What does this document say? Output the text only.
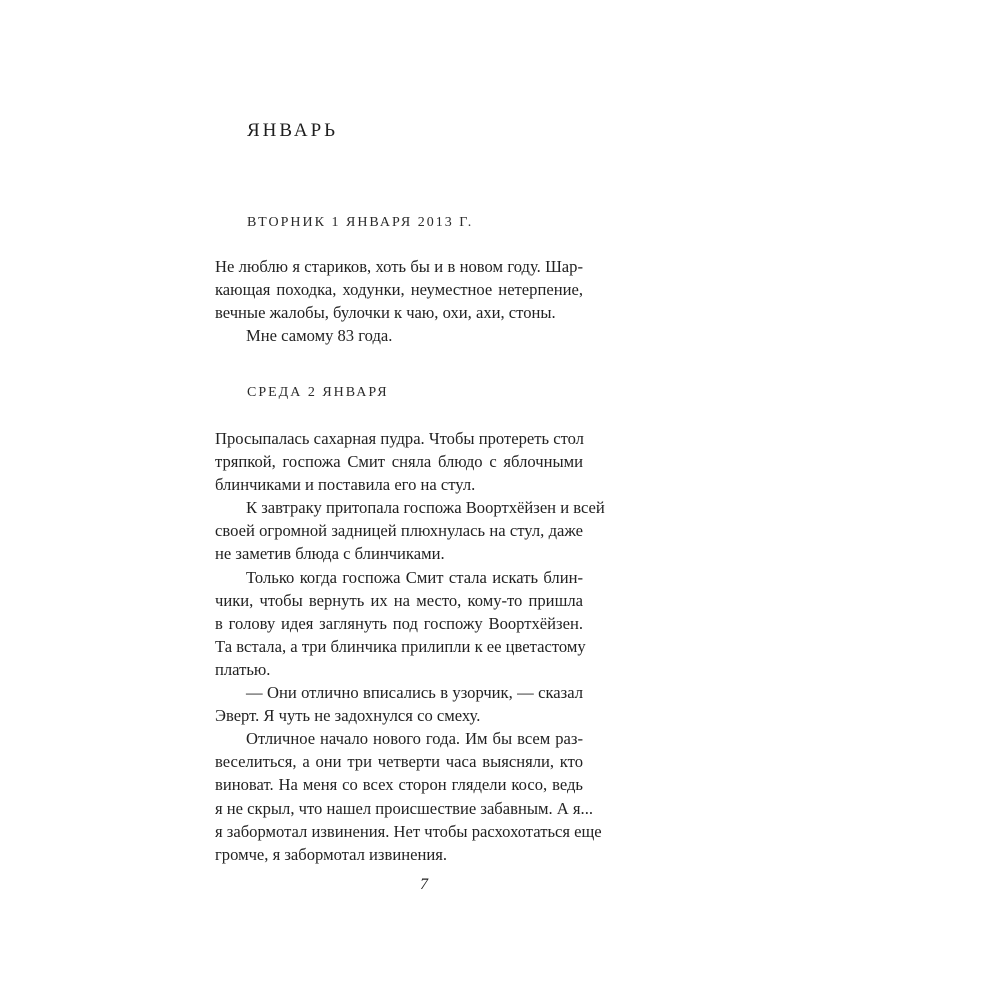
январь
ВТОРНИК 1 ЯНВАРЯ 2013 Г.
Не люблю я стариков, хоть бы и в новом году. Шар-
кающая походка, ходунки, неуместное нетерпение,
вечные жалобы, булочки к чаю, охи, ахи, стоны.
Мне самому 83 года.
СРЕДА 2 ЯНВАРЯ
Просыпалась сахарная пудра. Чтобы протереть стол
тряпкой, госпожа Смит сняла блюдо с яблочными
блинчиками и поставила его на стул.
К завтраку притопала госпожа Воортхёйзен и всей
своей огромной задницей плюхнулась на стул, даже
не заметив блюда с блинчиками.
Только когда госпожа Смит стала искать блин-
чики, чтобы вернуть их на место, кому-то пришла
в голову идея заглянуть под госпожу Воортхёйзен.
Та встала, а три блинчика прилипли к ее цветастому
платью.
— Они отлично вписались в узорчик, — сказал
Эверт. Я чуть не задохнулся со смеху.
Отличное начало нового года. Им бы всем раз-
веселиться, а они три четверти часа выясняли, кто
виноват. На меня со всех сторон глядели косо, ведь
я не скрыл, что нашел происшествие забавным. А я...
я забормотал извинения. Нет чтобы расхохотаться еще
громче, я забормотал извинения.
7
